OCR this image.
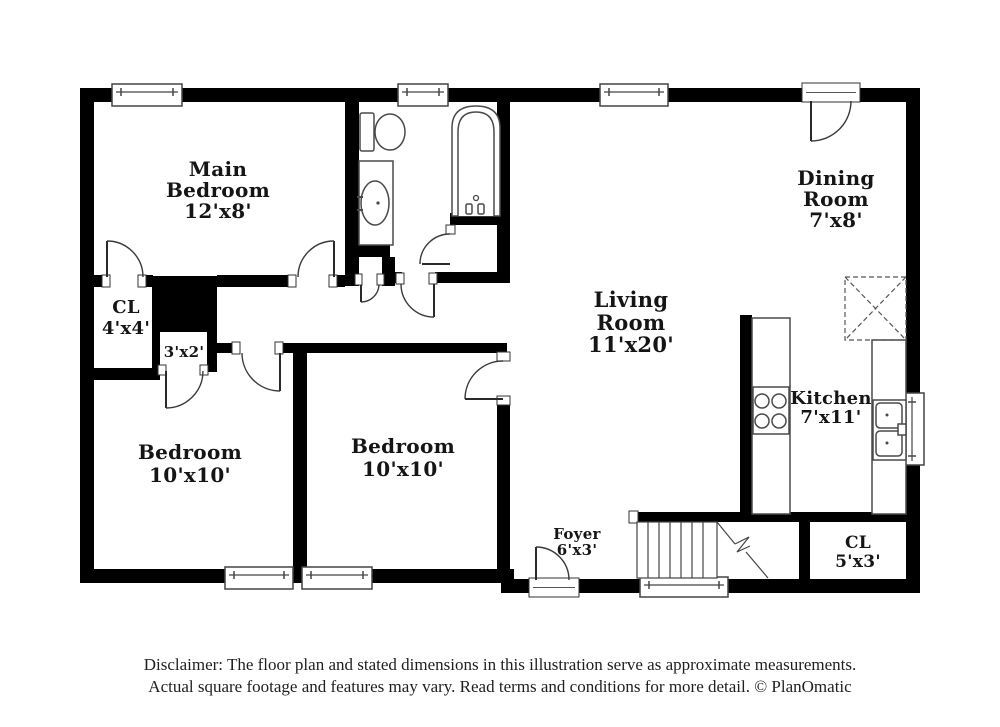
Main
Bedroom
12'x8'
Dining
Room
7'x8'
Living
Room
11'x20'
Kitchen
7'x11'
CL
4'x4'
3'x2'
Bedroom
10'x10'
Bedroom
10'x10'
Foyer
6'x3'	CL
5'x3'
Disclaimer: The floor plan and stated dimensions in this illustration serve as approximate measurements.
Actual square footage and features may vary. Read terms and conditions for more detail. © PlanOmatic
